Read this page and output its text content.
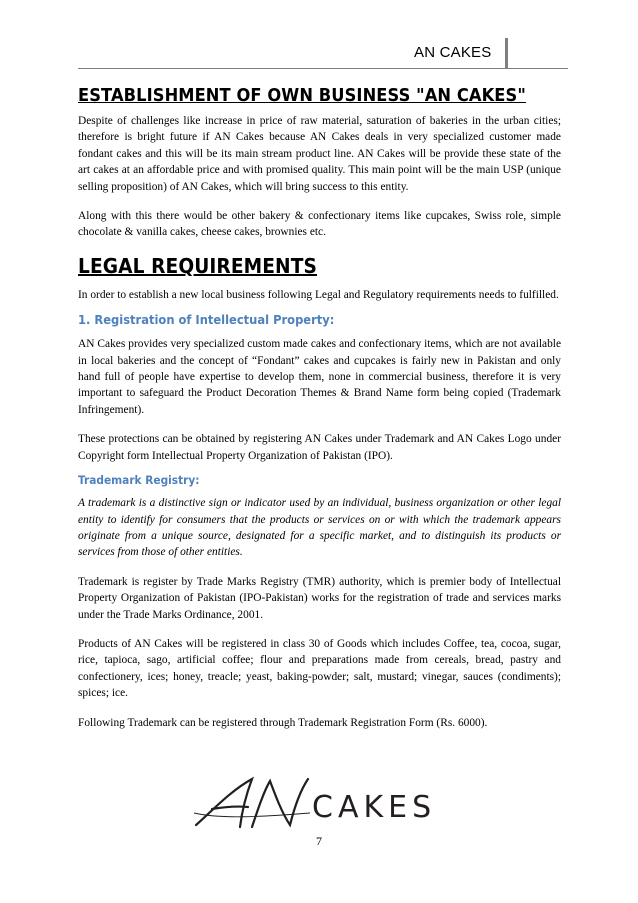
AN CAKES
ESTABLISHMENT OF OWN BUSINESS "AN CAKES"

Despite of challenges like increase in price of raw material, saturation of bakeries in the urban cities; therefore is bright future if AN Cakes because AN Cakes deals in very specialized customer made fondant cakes and this will be its main stream product line. AN Cakes will be provide these state of the art cakes at an affordable price and with promised quality. This main point will be the main USP (unique selling proposition) of AN Cakes, which will bring success to this entity.

Along with this there would be other bakery & confectionary items like cupcakes, Swiss role, simple chocolate & vanilla cakes, cheese cakes, brownies etc.

LEGAL REQUIREMENTS

In order to establish a new local business following Legal and Regulatory requirements needs to fulfilled.

1. Registration of Intellectual Property:

AN Cakes provides very specialized custom made cakes and confectionary items, which are not available in local bakeries and the concept of “Fondant” cakes and cupcakes is fairly new in Pakistan and only hand full of people have expertise to develop them, none in commercial business, therefore it is very important to safeguard the Product Decoration Themes & Brand Name form being copied (Trademark Infringement).

These protections can be obtained by registering AN Cakes under Trademark and AN Cakes Logo under Copyright form Intellectual Property Organization of Pakistan (IPO).

Trademark Registry:

A trademark is a distinctive sign or indicator used by an individual, business organization or other legal entity to identify for consumers that the products or services on or with which the trademark appears originate from a unique source, designated for a specific market, and to distinguish its products or services from those of other entities.

Trademark is register by Trade Marks Registry (TMR) authority, which is premier body of Intellectual Property Organization of Pakistan (IPO-Pakistan) works for the registration of trade and services marks under the Trade Marks Ordinance, 2001.

Products of AN Cakes will be registered in class 30 of Goods which includes Coffee, tea, cocoa, sugar, rice, tapioca, sago, artificial coffee; flour and preparations made from cereals, bread, pastry and confectionery, ices; honey, treacle; yeast, baking-powder; salt, mustard; vinegar, sauces (condiments); spices; ice.

Following Trademark can be registered through Trademark Registration Form (Rs. 6000).

CAKES
7
